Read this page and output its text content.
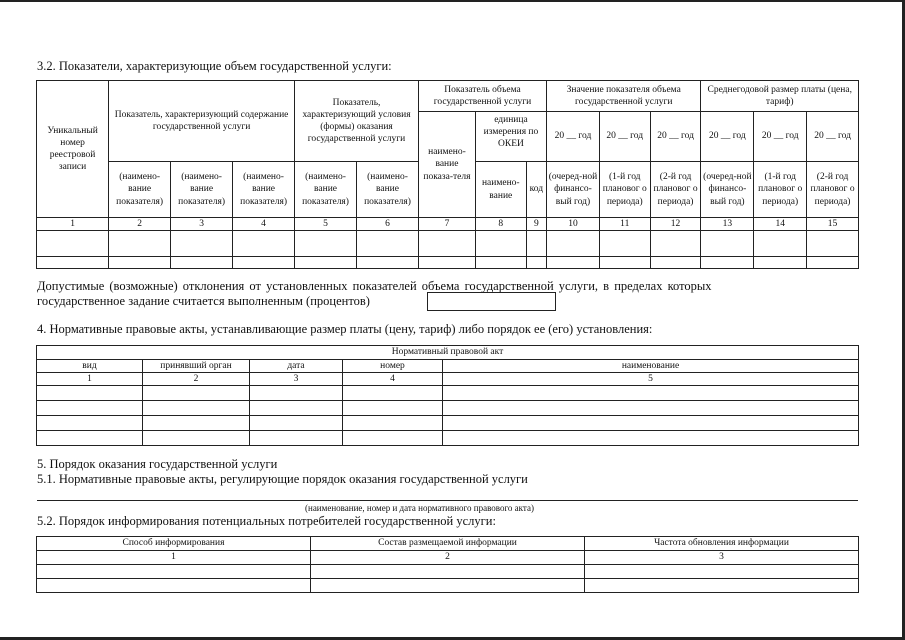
3.2. Показатели, характеризующие объем государственной услуги:
Уникальный номер реестровой записи	Показатель, характеризующий содержание государственной услуги			Показатель, характеризующий условия (формы) оказания государственной услуги		Показатель объема государственной услуги			Значение показателя объема государственной услуги			Среднегодовой размер платы (цена, тариф)		
						наимено-вание показа-теля	единица измерения по ОКЕИ		20 __ год	20 __ год	20 __ год	20 __ год	20 __ год	20 __ год
	(наимено-вание показателя)	(наимено-вание показателя)	(наимено-вание показателя)	(наимено-вание показателя)	(наимено-вание показателя)		наимено-вание	код	(очеред-ной финансо-вый год)	(1-й год плановог о периода)	(2-й год плановог о периода)	(очеред-ной финансо-вый год)	(1-й год плановог о периода)	(2-й год плановог о периода)
1	2	3	4	5	6	7	8	9	10	11	12	13	14	15

Допустимые (возможные) отклонения от установленных показателей объема государственной услуги, в пределах которых
государственное задание считается выполненным (процентов)
4. Нормативные правовые акты, устанавливающие размер платы (цену, тариф) либо порядок ее (его) установления:
Нормативный правовой акт				
вид	принявший орган	дата	номер	наименование
1	2	3	4	5

5. Порядок оказания государственной услуги
5.1. Нормативные правовые акты, регулирующие порядок оказания государственной услуги
(наименование, номер и дата нормативного правового акта)
5.2. Порядок информирования потенциальных потребителей государственной услуги:
Способ информирования	Состав размещаемой информации	Частота обновления информации
1	2	3
